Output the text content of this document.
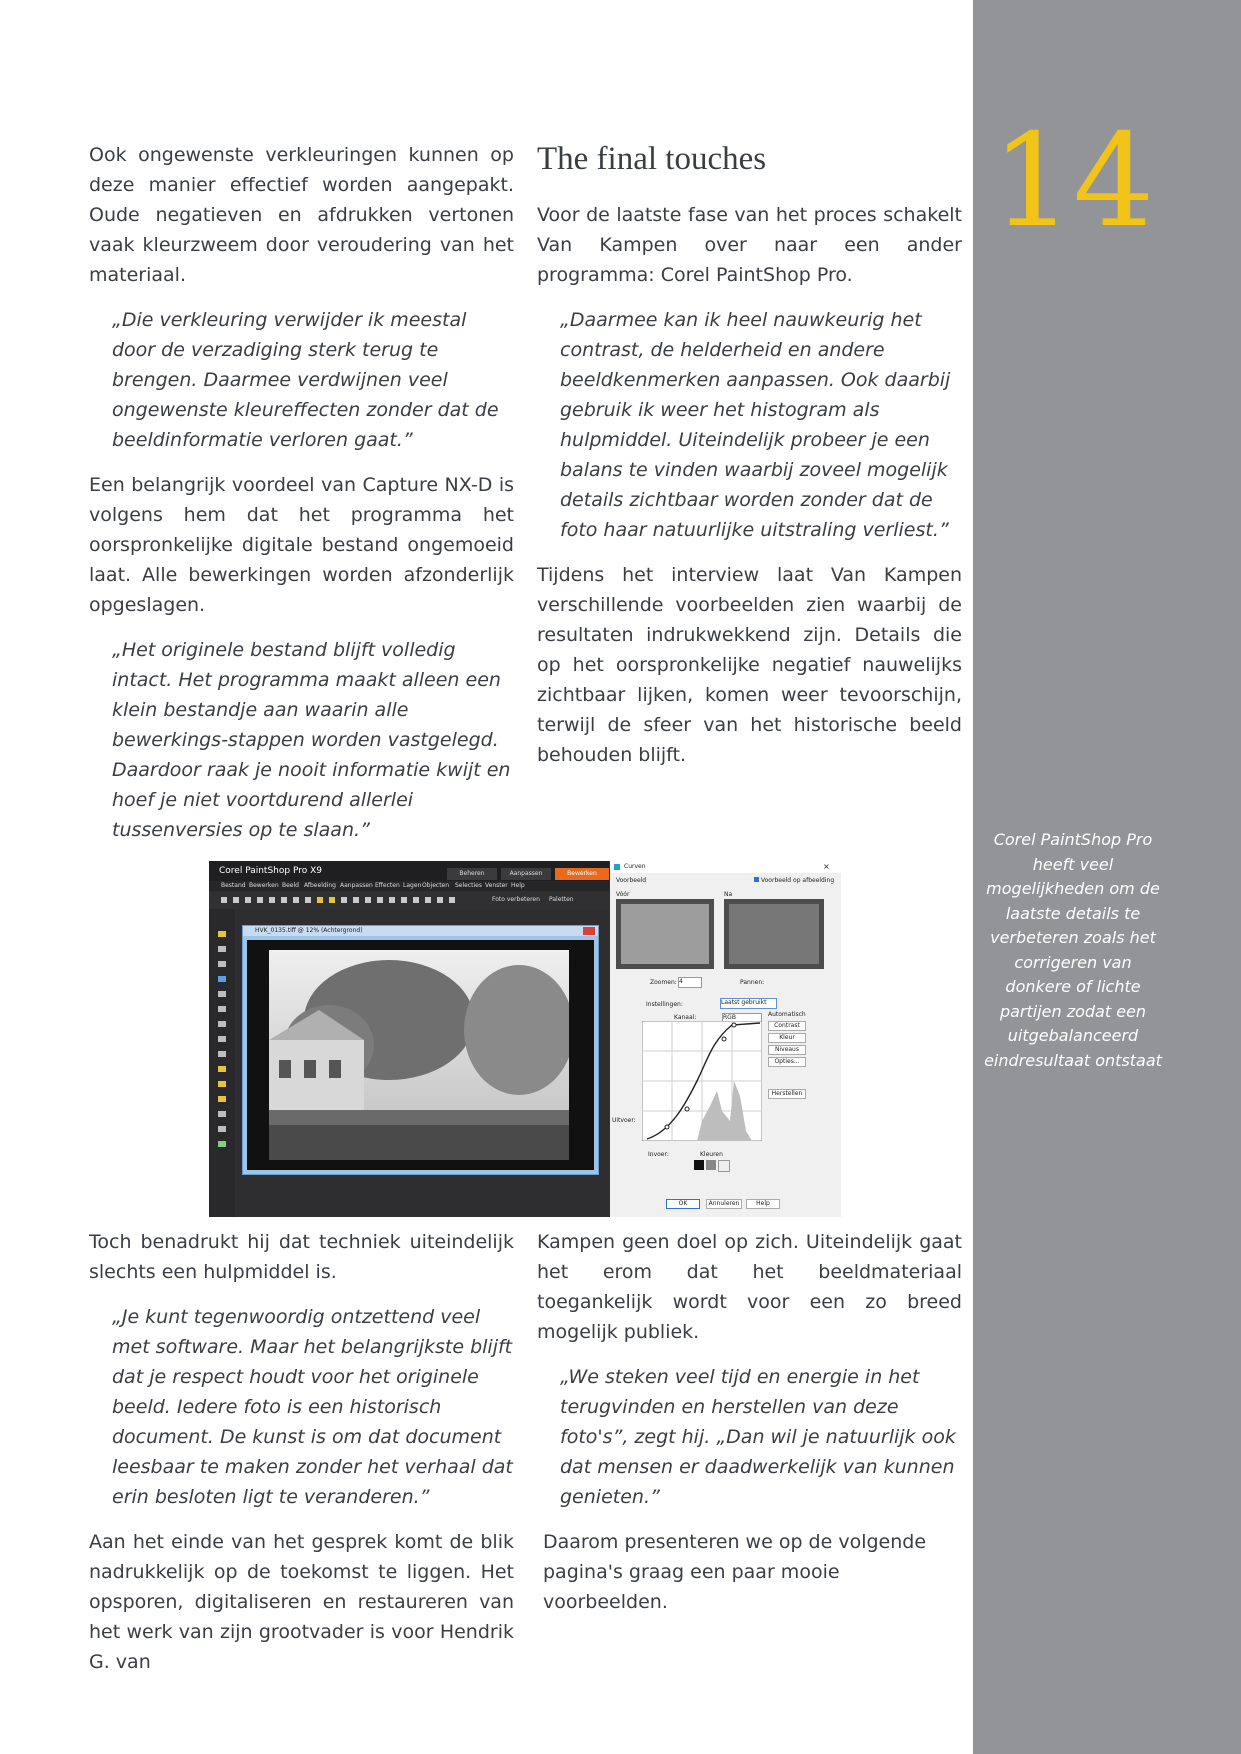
14
Corel PaintShop Pro heeft veel mogelijkheden om de laatste details te verbeteren zoals het corrigeren van donkere of lichte partijen zodat een uitgebalanceerd eindresultaat ontstaat

Ook ongewenste verkleuringen kunnen op deze manier effectief worden aangepakt. Oude negatieven en afdrukken vertonen vaak kleurzweem door veroudering van het materiaal.

„Die verkleuring verwijder ik meestal door de verzadiging sterk terug te brengen. Daarmee verdwijnen veel ongewenste kleureffecten zonder dat de beeldinformatie verloren gaat.”

Een belangrijk voordeel van Capture NX-D is volgens hem dat het programma het oorspronkelijke digitale bestand ongemoeid laat. Alle bewerkingen worden afzonderlijk opgeslagen.

„Het originele bestand blijft volledig intact. Het programma maakt alleen een klein bestandje aan waarin alle bewerkings-stappen worden vastgelegd. Daardoor raak je nooit informatie kwijt en hoef je niet voortdurend allerlei tussenversies op te slaan.”
The final touches

Voor de laatste fase van het proces schakelt Van Kampen over naar een ander programma: Corel PaintShop Pro.

„Daarmee kan ik heel nauwkeurig het contrast, de helderheid en andere beeldkenmerken aanpassen. Ook daarbij gebruik ik weer het histogram als hulpmiddel. Uiteindelijk probeer je een balans te vinden waarbij zoveel mogelijk details zichtbaar worden zonder dat de foto haar natuurlijke uitstraling verliest.”

Tijdens het interview laat Van Kampen verschillende voorbeelden zien waarbij de resultaten indrukwekkend zijn. Details die op het oorspronkelijke negatief nauwelijks zichtbaar lijken, komen weer tevoorschijn, terwijl de sfeer van het historische beeld behouden blijft.

Toch benadrukt hij dat techniek uiteindelijk slechts een hulpmiddel is.

„Je kunt tegenwoordig ontzettend veel met software. Maar het belangrijkste blijft dat je respect houdt voor het originele beeld. Iedere foto is een historisch document. De kunst is om dat document leesbaar te maken zonder het verhaal dat erin besloten ligt te veranderen.”

Aan het einde van het gesprek komt de blik nadrukkelijk op de toekomst te liggen. Het opsporen, digitaliseren en restaureren van het werk van zijn grootvader is voor Hendrik G. van

Kampen geen doel op zich. Uiteindelijk gaat het erom dat het beeldmateriaal toegankelijk wordt voor een zo breed mogelijk publiek.

„We steken veel tijd en energie in het terugvinden en herstellen van deze foto's”, zegt hij. „Dan wil je natuurlijk ook dat mensen er daadwerkelijk van kunnen genieten.”

Daarom presenteren we op de volgende pagina's graag een paar mooie voorbeelden.

Corel PaintShop Pro X9	Beheren	Aanpassen	Bewerken
Bestand Bewerken Beeld Afbeelding Aanpassen Effecten Lagen Objecten Selecties Venster Help
Foto verbeteren Paletten
HVK_0135.tiff @ 12% (Achtergrond)
Curven	×
Voorbeeld	Voorbeeld op afbeelding
Vóór	Na
Zoomen: 4	Pannen:
Instellingen:	Laatst gebruikt
Kanaal:	RGB	Automatisch
Contrast
Kleur
Niveaus
Opties...
Herstellen
Uitvoer:
Invoer:	Kleuren
OK	Annuleren	Help
